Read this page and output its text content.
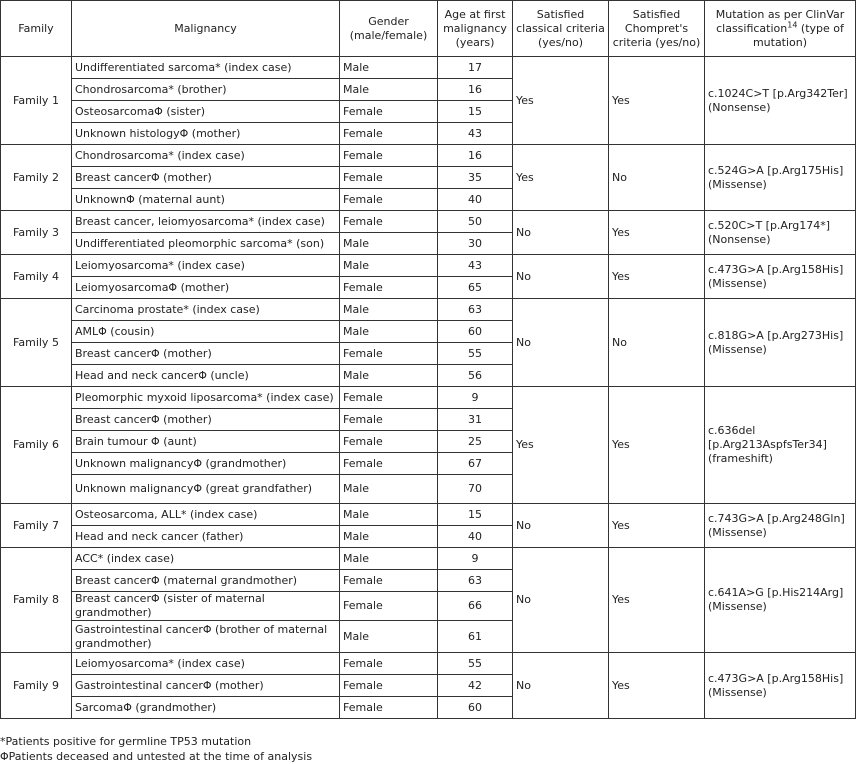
Family	Malignancy	Gender (male/female)	Age at first malignancy (years)	Satisfied classical criteria (yes/no)	Satisfied Chompret's criteria (yes/no)	Mutation as per ClinVar classification$^{14}$ (type of mutation)
Family 1	Undifferentiated sarcoma* (index case)	Male	17	Yes	Yes	c.1024C>T [p.Arg342Ter] (Nonsense)
	Chondrosarcoma* (brother)	Male	16			
	OsteosarcomaΦ (sister)	Female	15			
	Unknown histologyΦ (mother)	Female	43			
Family 2	Chondrosarcoma* (index case)	Female	16	Yes	No	c.524G>A [p.Arg175His] (Missense)
	Breast cancerΦ (mother)	Female	35			
	UnknownΦ (maternal aunt)	Female	40			
Family 3	Breast cancer, leiomyosarcoma* (index case)	Female	50	No	Yes	c.520C>T [p.Arg174*] (Nonsense)
	Undifferentiated pleomorphic sarcoma* (son)	Male	30			
Family 4	Leiomyosarcoma* (index case)	Male	43	No	Yes	c.473G>A [p.Arg158His] (Missense)
	LeiomyosarcomaΦ (mother)	Female	65			
Family 5	Carcinoma prostate* (index case)	Male	63	No	No	c.818G>A [p.Arg273His] (Missense)
	AMLΦ (cousin)	Male	60			
	Breast cancerΦ (mother)	Female	55			
	Head and neck cancerΦ (uncle)	Male	56			
Family 6	Pleomorphic myxoid liposarcoma* (index case)	Female	9	Yes	Yes	c.636del [p.Arg213AspfsTer34] (frameshift)
	Breast cancerΦ (mother)	Female	31			
	Brain tumour Φ (aunt)	Female	25			
	Unknown malignancyΦ (grandmother)	Female	67			
	Unknown malignancyΦ (great grandfather)	Male	70			
Family 7	Osteosarcoma, ALL* (index case)	Male	15	No	Yes	c.743G>A [p.Arg248Gln] (Missense)
	Head and neck cancer (father)	Male	40			
Family 8	ACC* (index case)	Male	9	No	Yes	c.641A>G [p.His214Arg] (Missense)
	Breast cancerΦ (maternal grandmother)	Female	63			
	Breast cancerΦ (sister of maternal grandmother)	Female	66			
	Gastrointestinal cancerΦ (brother of maternal grandmother)	Male	61			
Family 9	Leiomyosarcoma* (index case)	Female	55	No	Yes	c.473G>A [p.Arg158His] (Missense)
	Gastrointestinal cancerΦ (mother)	Female	42			
	SarcomaΦ (grandmother)	Female	60			
*Patients positive for germline TP53 mutation
ΦPatients deceased and untested at the time of analysis
